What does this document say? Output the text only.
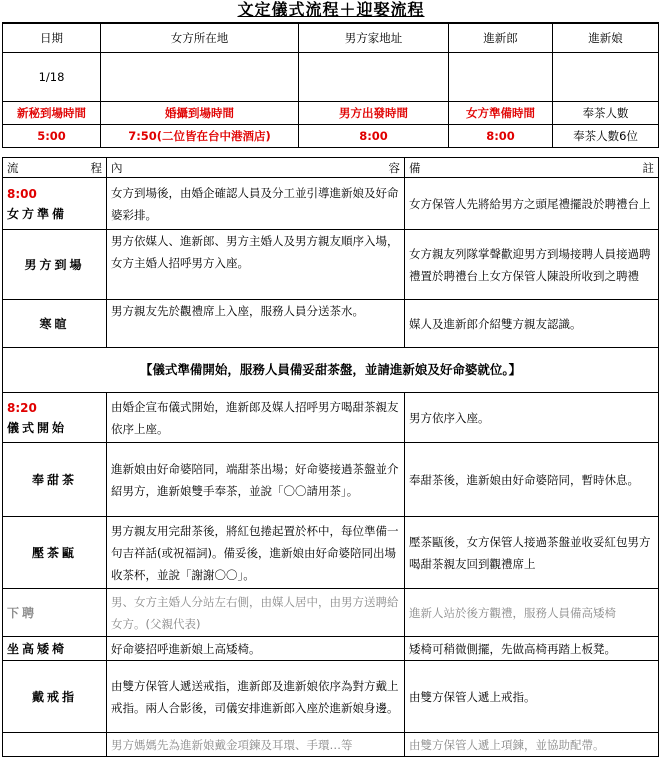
文定儀式流程＋迎娶流程
日期	女方所在地	男方家地址	進新郎	進新娘
1/18				
新秘到場時間	婚攝到場時間	男方出發時間	女方準備時間	奉茶人數
5:00	7:50(二位皆在台中港酒店)	8:00	8:00	奉茶人數6位
流 程	內 容	備 註

8:00
女方準備	女方到場後，由婚企確認人員及分工並引導進新娘及好命婆彩排。	女方保管人先將給男方之頭尾禮擺設於聘禮台上

男方到場	男方依媒人、進新郎、男方主婚人及男方親友順序入場，女方主婚人招呼男方入座。	女方親友列隊掌聲歡迎男方到場接聘人員接過聘禮置於聘禮台上女方保管人陳設所收到之聘禮

寒暄	男方親友先於觀禮席上入座，服務人員分送茶水。	媒人及進新郎介紹雙方親友認識。
【儀式準備開始，服務人員備妥甜茶盤，並請進新娘及好命婆就位。】		

8:20
儀式開始	由婚企宣布儀式開始，進新郎及媒人招呼男方喝甜茶親友依序上座。	男方依序入座。

奉甜茶	進新娘由好命婆陪同，端甜茶出場；好命婆接過茶盤並介紹男方，進新娘雙手奉茶，並說「〇〇請用茶」。	奉甜茶後，進新娘由好命婆陪同，暫時休息。

壓茶甌	男方親友用完甜茶後，將紅包捲起置於杯中，每位準備一句吉祥話(或祝福詞)。備妥後，進新娘由好命婆陪同出場收茶杯，並說「謝謝〇〇」。	壓茶甌後，女方保管人接過茶盤並收妥紅包男方喝甜茶親友回到觀禮席上

下聘	男、女方主婚人分站左右側，由媒人居中，由男方送聘給女方。(父親代表)	進新人站於後方觀禮，服務人員備高矮椅

坐高矮椅	好命婆招呼進新娘上高矮椅。	矮椅可稍微側擺，先做高椅再踏上板凳。

戴戒指	由雙方保管人遞送戒指，進新郎及進新娘依序為對方戴上戒指。兩人合影後，司儀安排進新郎入座於進新娘身邊。	由雙方保管人遞上戒指。

	男方媽媽先為進新娘戴金項鍊及耳環、手環…等	由雙方保管人遞上項鍊，並協助配帶。
